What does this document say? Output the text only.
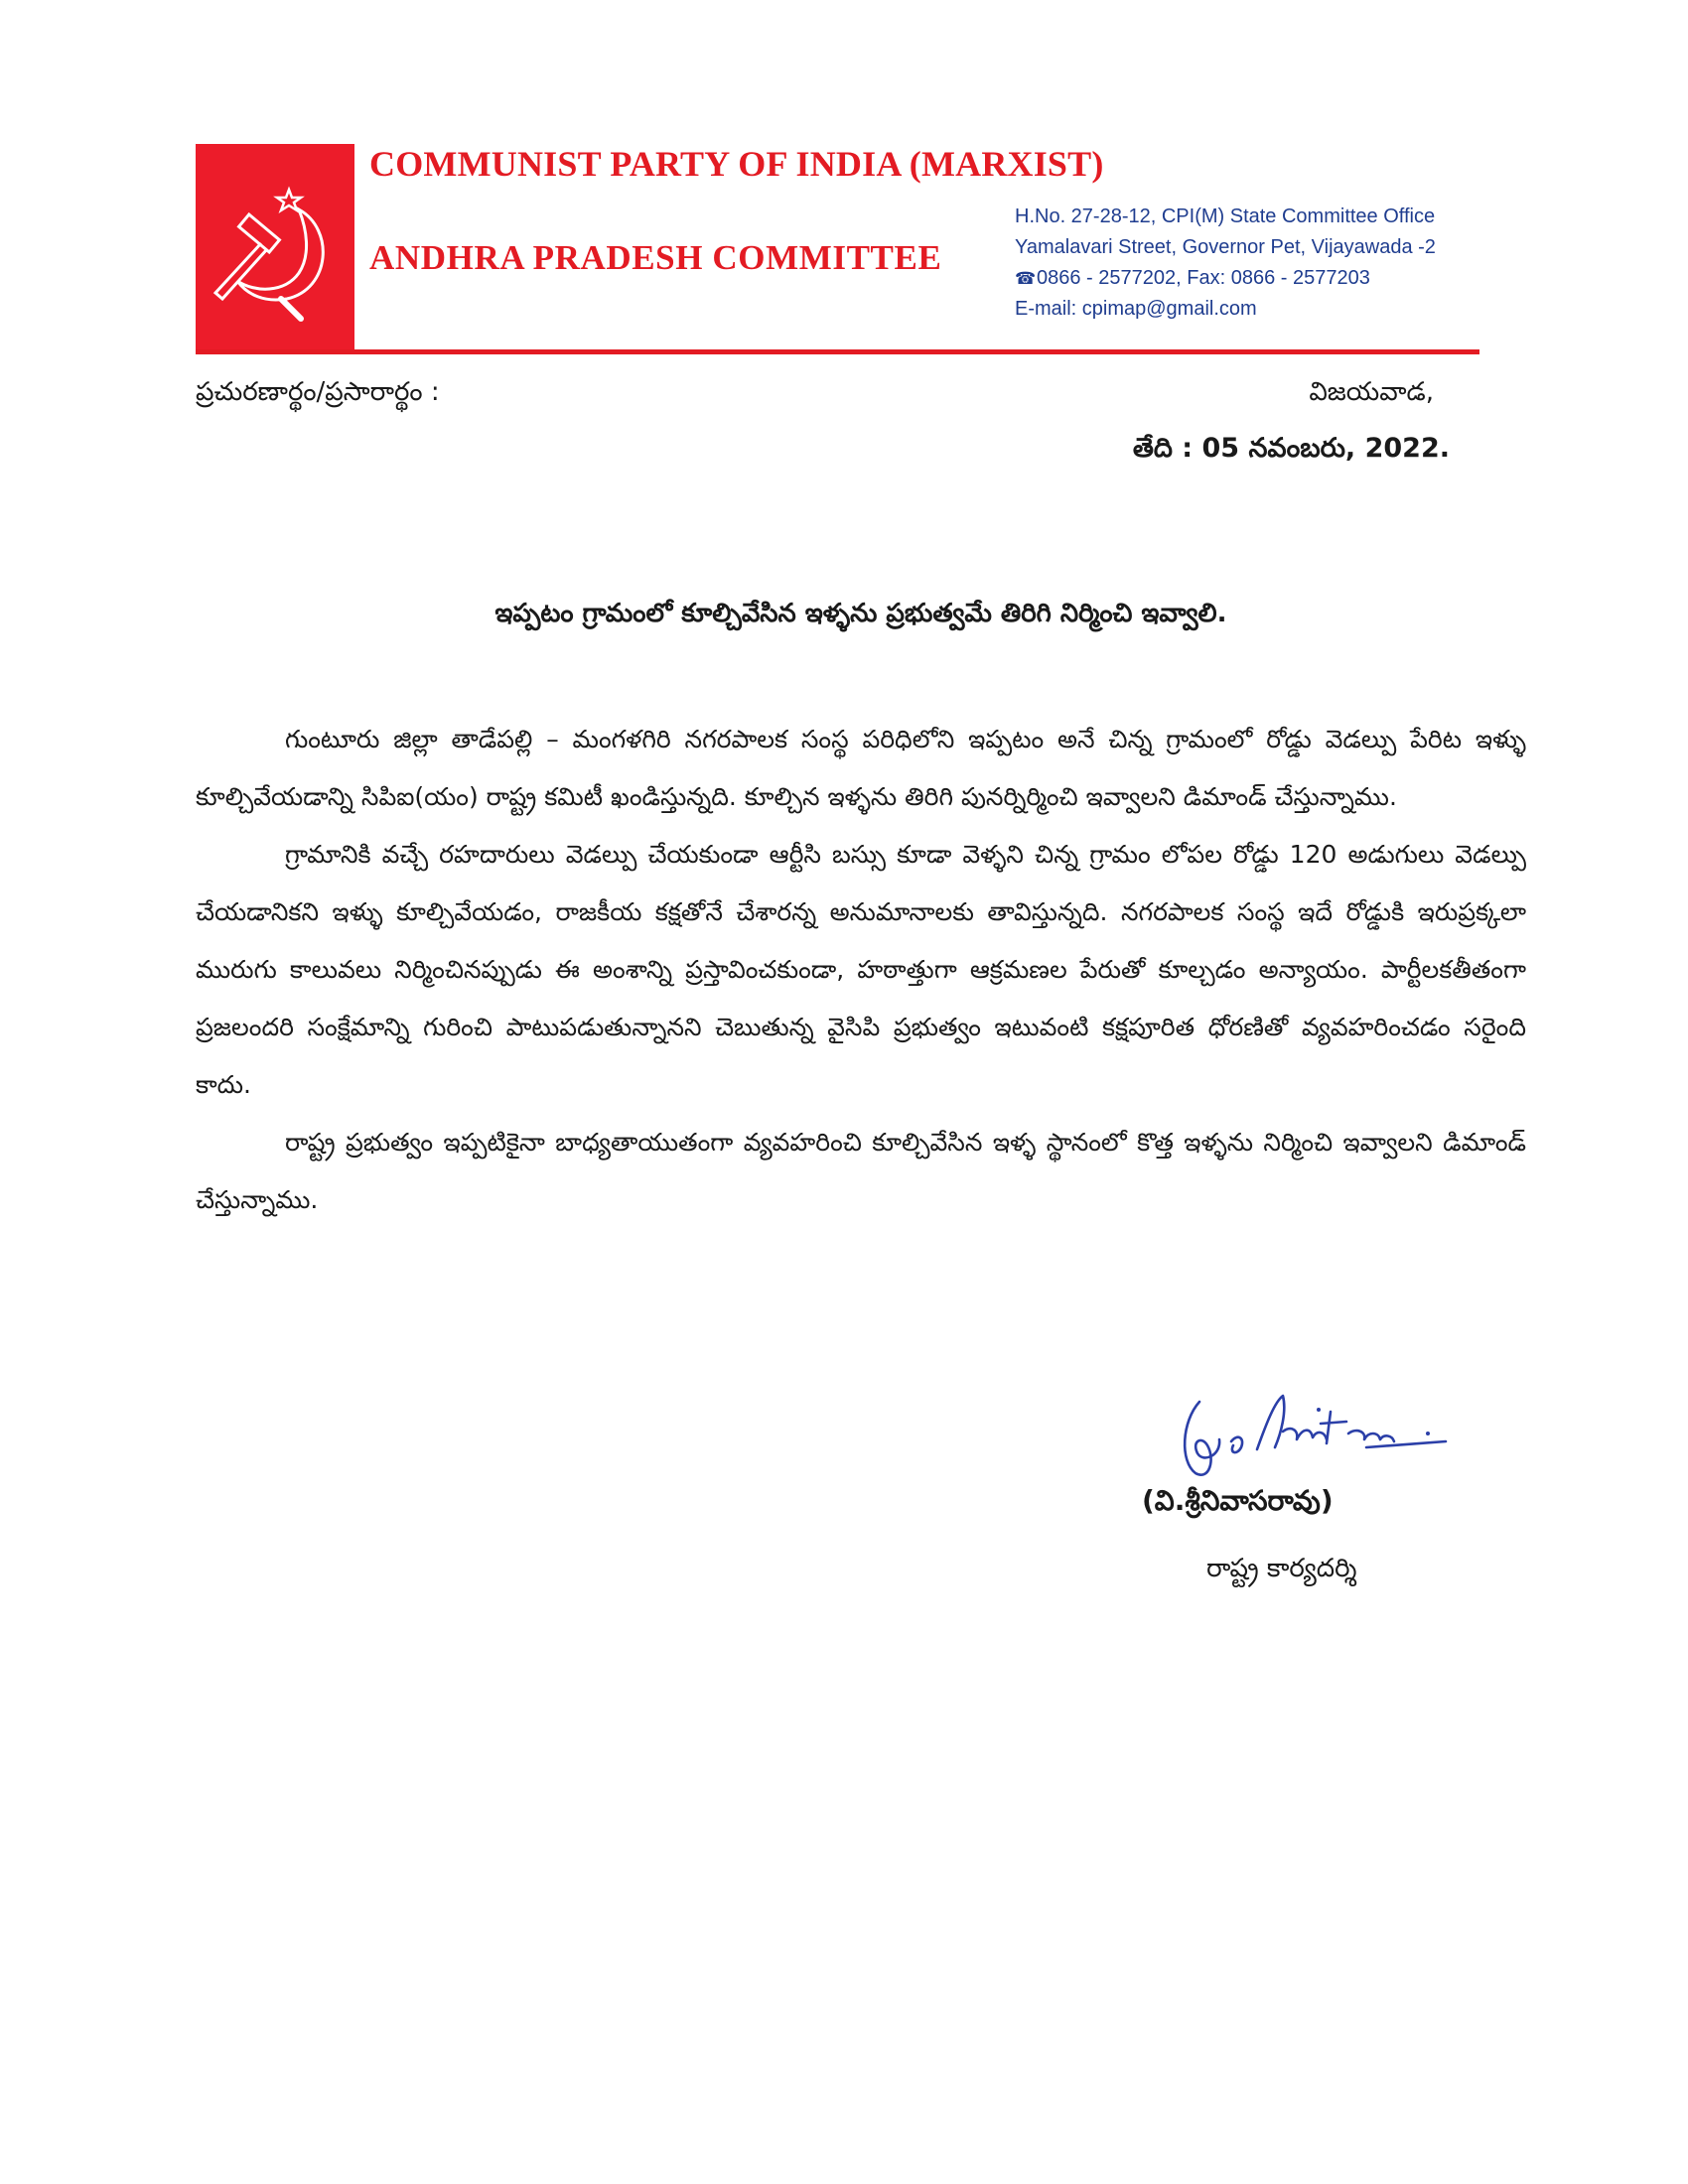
COMMUNIST PARTY OF INDIA (MARXIST)
ANDHRA PRADESH COMMITTEE
H.No. 27-28-12, CPI(M) State Committee Office
Yamalavari Street, Governor Pet, Vijayawada -2
☎0866 - 2577202, Fax: 0866 - 2577203
E-mail: cpimap@gmail.com
ప్రచురణార్థం/ప్రసారార్థం :	విజయవాడ,
తేది : 05 నవంబరు, 2022.
ఇప్పటం గ్రామంలో కూల్చివేసిన ఇళ్ళను ప్రభుత్వమే తిరిగి నిర్మించి ఇవ్వాలి.

గుంటూరు జిల్లా తాడేపల్లి – మంగళగిరి నగరపాలక సంస్థ పరిధిలోని ఇప్పటం అనే చిన్న గ్రామంలో రోడ్డు వెడల్పు పేరిట ఇళ్ళు కూల్చివేయడాన్ని సిపిఐ(యం) రాష్ట్ర కమిటీ ఖండిస్తున్నది. కూల్చిన ఇళ్ళను తిరిగి పునర్నిర్మించి ఇవ్వాలని డిమాండ్ చేస్తున్నాము.

గ్రామానికి వచ్చే రహదారులు వెడల్పు చేయకుండా ఆర్టీసి బస్సు కూడా వెళ్ళని చిన్న గ్రామం లోపల రోడ్డు 120 అడుగులు వెడల్పు చేయడానికని ఇళ్ళు కూల్చివేయడం, రాజకీయ కక్షతోనే చేశారన్న అనుమానాలకు తావిస్తున్నది. నగరపాలక సంస్థ ఇదే రోడ్డుకి ఇరుప్రక్కలా మురుగు కాలువలు నిర్మించినప్పుడు ఈ అంశాన్ని ప్రస్తావించకుండా, హఠాత్తుగా ఆక్రమణల పేరుతో కూల్చడం అన్యాయం. పార్టీలకతీతంగా ప్రజలందరి సంక్షేమాన్ని గురించి పాటుపడుతున్నానని చెబుతున్న వైసిపి ప్రభుత్వం ఇటువంటి కక్షపూరిత ధోరణితో వ్యవహరించడం సరైంది కాదు.

రాష్ట్ర ప్రభుత్వం ఇప్పటికైనా బాధ్యతాయుతంగా వ్యవహరించి కూల్చివేసిన ఇళ్ళ స్థానంలో కొత్త ఇళ్ళను నిర్మించి ఇవ్వాలని డిమాండ్ చేస్తున్నాము.

(వి.శ్రీనివాసరావు)
రాష్ట్ర కార్యదర్శి
